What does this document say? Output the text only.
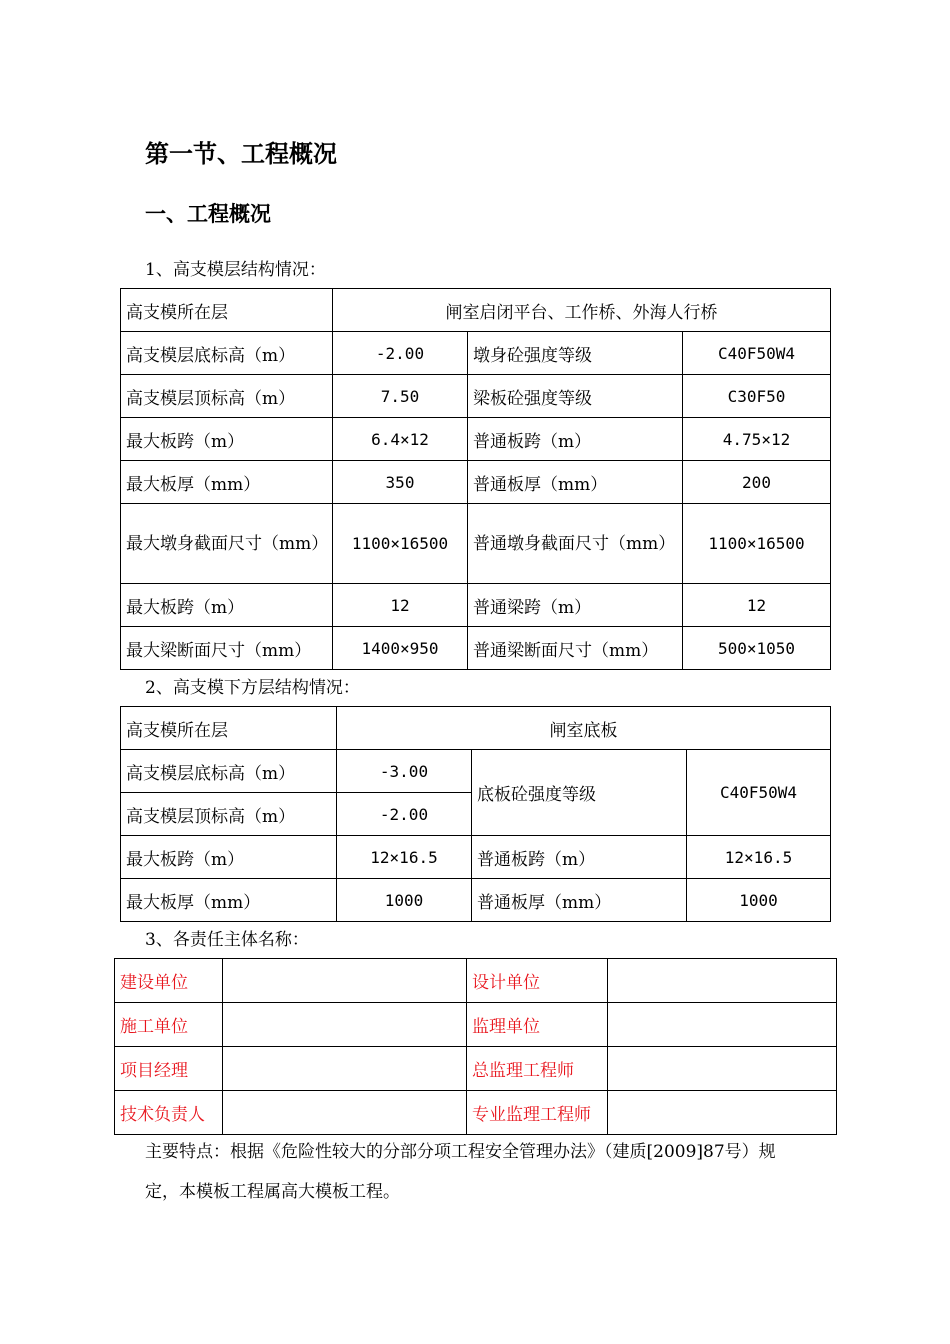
第一节、工程概况
一、工程概况
1、高支模层结构情况：
高支模所在层	闸室启闭平台、工作桥、外海人行桥		
高支模层底标高（m）	-2.00	墩身砼强度等级	C40F50W4
高支模层顶标高（m）	7.50	梁板砼强度等级	C30F50
最大板跨（m）	6.4×12	普通板跨（m）	4.75×12
最大板厚（mm）	350	普通板厚（mm）	200
最大墩身截面尺寸（mm）	1100×16500	普通墩身截面尺寸（mm）	1100×16500
最大板跨（m）	12	普通梁跨（m）	12
最大梁断面尺寸（mm）	1400×950	普通梁断面尺寸（mm）	500×1050
2、高支模下方层结构情况：
高支模所在层	闸室底板		
高支模层底标高（m）	-3.00	底板砼强度等级	C40F50W4
高支模层顶标高（m）	-2.00		
最大板跨（m）	12×16.5	普通板跨（m）	12×16.5
最大板厚（mm）	1000	普通板厚（mm）	1000
3、各责任主体名称：
建设单位		设计单位	
施工单位		监理单位	
项目经理		总监理工程师	
技术负责人		专业监理工程师	
主要特点：根据《危险性较大的分部分项工程安全管理办法》（建质[2009]87号）规定，本模板工程属高大模板工程。
